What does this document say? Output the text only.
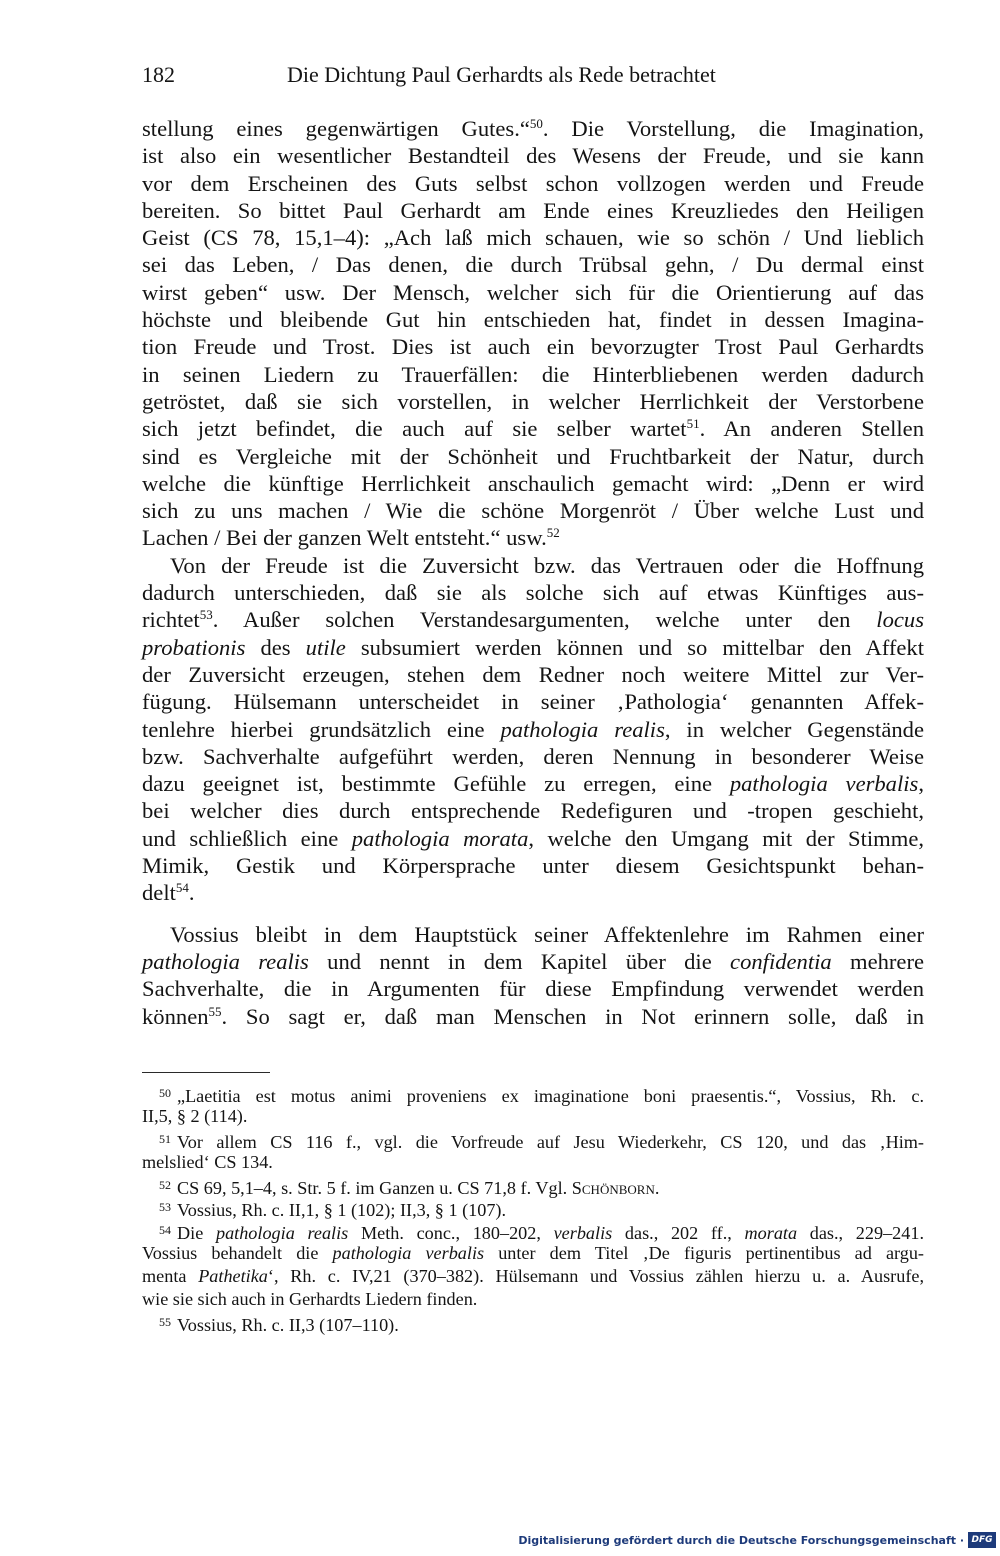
182	Die Dichtung Paul Gerhardts als Rede betrachtet
stellung eines gegenwärtigen Gutes.“$^{50}$. Die Vorstellung, die Imagination,
ist also ein wesentlicher Bestandteil des Wesens der Freude, und sie kann
vor dem Erscheinen des Guts selbst schon vollzogen werden und Freude
bereiten. So bittet Paul Gerhardt am Ende eines Kreuzliedes den Heiligen
Geist (CS 78, 15,1–4): „Ach laß mich schauen, wie so schön / Und lieblich
sei das Leben, / Das denen, die durch Trübsal gehn, / Du dermal einst
wirst geben“ usw. Der Mensch, welcher sich für die Orientierung auf das
höchste und bleibende Gut hin entschieden hat, findet in dessen Imagina-
tion Freude und Trost. Dies ist auch ein bevorzugter Trost Paul Gerhardts
in seinen Liedern zu Trauerfällen: die Hinterbliebenen werden dadurch
getröstet, daß sie sich vorstellen, in welcher Herrlichkeit der Verstorbene
sich jetzt befindet, die auch auf sie selber wartet$^{51}$. An anderen Stellen
sind es Vergleiche mit der Schönheit und Fruchtbarkeit der Natur, durch
welche die künftige Herrlichkeit anschaulich gemacht wird: „Denn er wird
sich zu uns machen / Wie die schöne Morgenröt / Über welche Lust und
Lachen / Bei der ganzen Welt entsteht.“ usw.$^{52}$
Von der Freude ist die Zuversicht bzw. das Vertrauen oder die Hoffnung
dadurch unterschieden, daß sie als solche sich auf etwas Künftiges aus-
richtet$^{53}$. Außer solchen Verstandesargumenten, welche unter den locus
probationis des utile subsumiert werden können und so mittelbar den Affekt
der Zuversicht erzeugen, stehen dem Redner noch weitere Mittel zur Ver-
fügung. Hülsemann unterscheidet in seiner ‚Pathologia‘ genannten Affek-
tenlehre hierbei grundsätzlich eine pathologia realis, in welcher Gegenstände
bzw. Sachverhalte aufgeführt werden, deren Nennung in besonderer Weise
dazu geeignet ist, bestimmte Gefühle zu erregen, eine pathologia verbalis,
bei welcher dies durch entsprechende Redefiguren und -tropen geschieht,
und schließlich eine pathologia morata, welche den Umgang mit der Stimme,
Mimik, Gestik und Körpersprache unter diesem Gesichtspunkt behan-
delt$^{54}$.
Vossius bleibt in dem Hauptstück seiner Affektenlehre im Rahmen einer
pathologia realis und nennt in dem Kapitel über die confidentia mehrere
Sachverhalte, die in Argumenten für diese Empfindung verwendet werden
können$^{55}$. So sagt er, daß man Menschen in Not erinnern solle, daß in
$^{50}$ „Laetitia est motus animi proveniens ex imaginatione boni praesentis.“, Vossius, Rh. c.
II,5, § 2 (114).
$^{51}$ Vor allem CS 116 f., vgl. die Vorfreude auf Jesu Wiederkehr, CS 120, und das ‚Him-
melslied‘ CS 134.
$^{52}$ CS 69, 5,1–4, s. Str. 5 f. im Ganzen u. CS 71,8 f. Vgl. Schönborn.
$^{53}$ Vossius, Rh. c. II,1, § 1 (102); II,3, § 1 (107).
$^{54}$ Die pathologia realis Meth. conc., 180–202, verbalis das., 202 ff., morata das., 229–241.
Vossius behandelt die pathologia verbalis unter dem Titel ‚De figuris pertinentibus ad argu-
menta Pathetika‘, Rh. c. IV,21 (370–382). Hülsemann und Vossius zählen hierzu u. a. Ausrufe,
wie sie sich auch in Gerhardts Liedern finden.
$^{55}$ Vossius, Rh. c. II,3 (107–110).
Digitalisierung gefördert durch die Deutsche Forschungsgemeinschaft · DFG
